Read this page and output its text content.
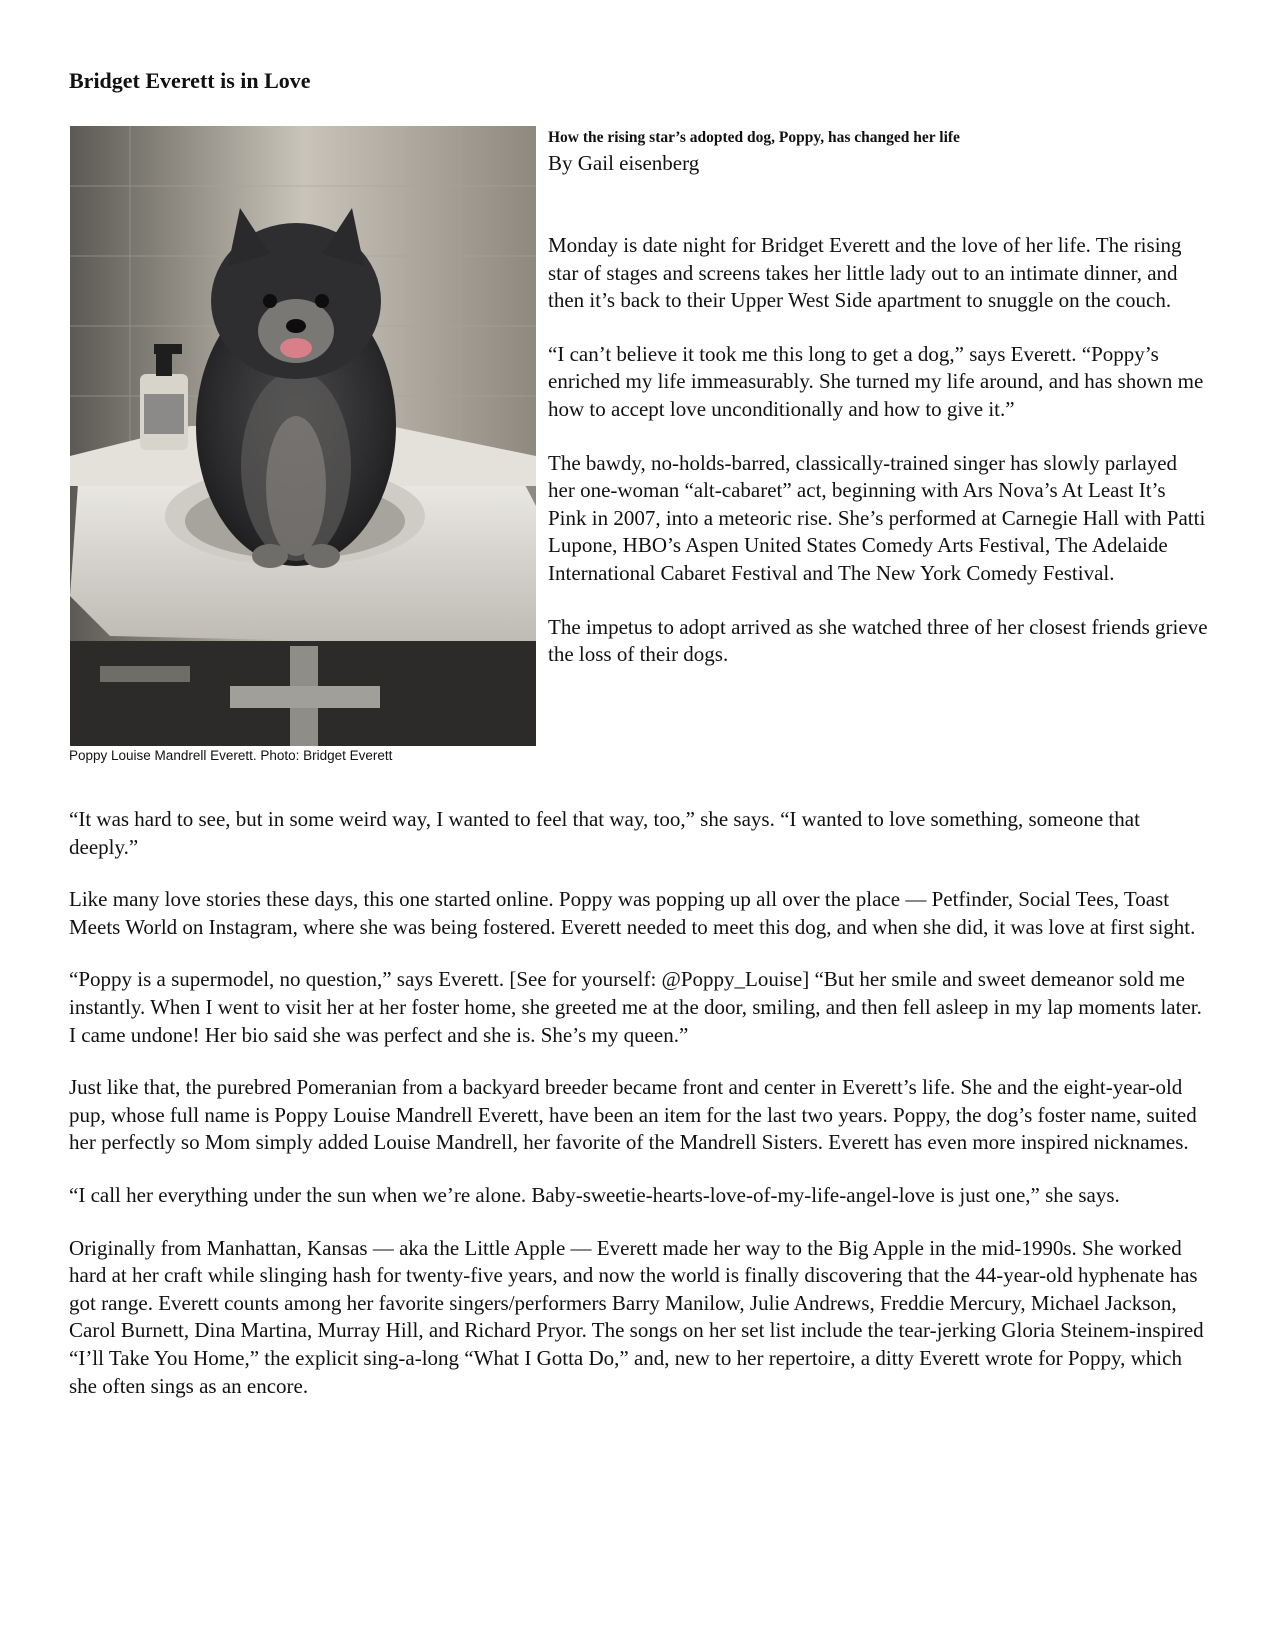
Bridget Everett is in Love
Poppy Louise Mandrell Everett. Photo: Bridget Everett
How the rising star’s adopted dog, Poppy, has changed her life
By Gail eisenberg

Monday is date night for Bridget Everett and the love of her life. The rising star of stages and screens takes her little lady out to an intimate dinner, and then it’s back to their Upper West Side apartment to snuggle on the couch.

“I can’t believe it took me this long to get a dog,” says Everett. “Poppy’s enriched my life immeasurably. She turned my life around, and has shown me how to accept love unconditionally and how to give it.”

The bawdy, no-holds-barred, classically-trained singer has slowly parlayed her one-woman “alt-cabaret” act, beginning with Ars Nova’s At Least It’s Pink in 2007, into a meteoric rise. She’s performed at Carnegie Hall with Patti Lupone, HBO’s Aspen United States Comedy Arts Festival, The Adelaide International Cabaret Festival and The New York Comedy Festival.

The impetus to adopt arrived as she watched three of her closest friends grieve the loss of their dogs.

“It was hard to see, but in some weird way, I wanted to feel that way, too,” she says. “I wanted to love something, someone that deeply.”

Like many love stories these days, this one started online. Poppy was popping up all over the place — Petfinder, Social Tees, Toast Meets World on Instagram, where she was being fostered. Everett needed to meet this dog, and when she did, it was love at first sight.

“Poppy is a supermodel, no question,” says Everett. [See for yourself: @Poppy_Louise] “But her smile and sweet demeanor sold me instantly. When I went to visit her at her foster home, she greeted me at the door, smiling, and then fell asleep in my lap moments later. I came undone! Her bio said she was perfect and she is. She’s my queen.”

Just like that, the purebred Pomeranian from a backyard breeder became front and center in Everett’s life. She and the eight-year-old pup, whose full name is Poppy Louise Mandrell Everett, have been an item for the last two years. Poppy, the dog’s foster name, suited her perfectly so Mom simply added Louise Mandrell, her favorite of the Mandrell Sisters. Everett has even more inspired nicknames.

“I call her everything under the sun when we’re alone. Baby-sweetie-hearts-love-of-my-life-angel-love is just one,” she says.

Originally from Manhattan, Kansas — aka the Little Apple — Everett made her way to the Big Apple in the mid-1990s. She worked hard at her craft while slinging hash for twenty-five years, and now the world is finally discovering that the 44-year-old hyphenate has got range. Everett counts among her favorite singers/performers Barry Manilow, Julie Andrews, Freddie Mercury, Michael Jackson, Carol Burnett, Dina Martina, Murray Hill, and Richard Pryor. The songs on her set list include the tear-jerking Gloria Steinem-inspired “I’ll Take You Home,” the explicit sing-a-long “What I Gotta Do,” and, new to her repertoire, a ditty Everett wrote for Poppy, which she often sings as an encore.
